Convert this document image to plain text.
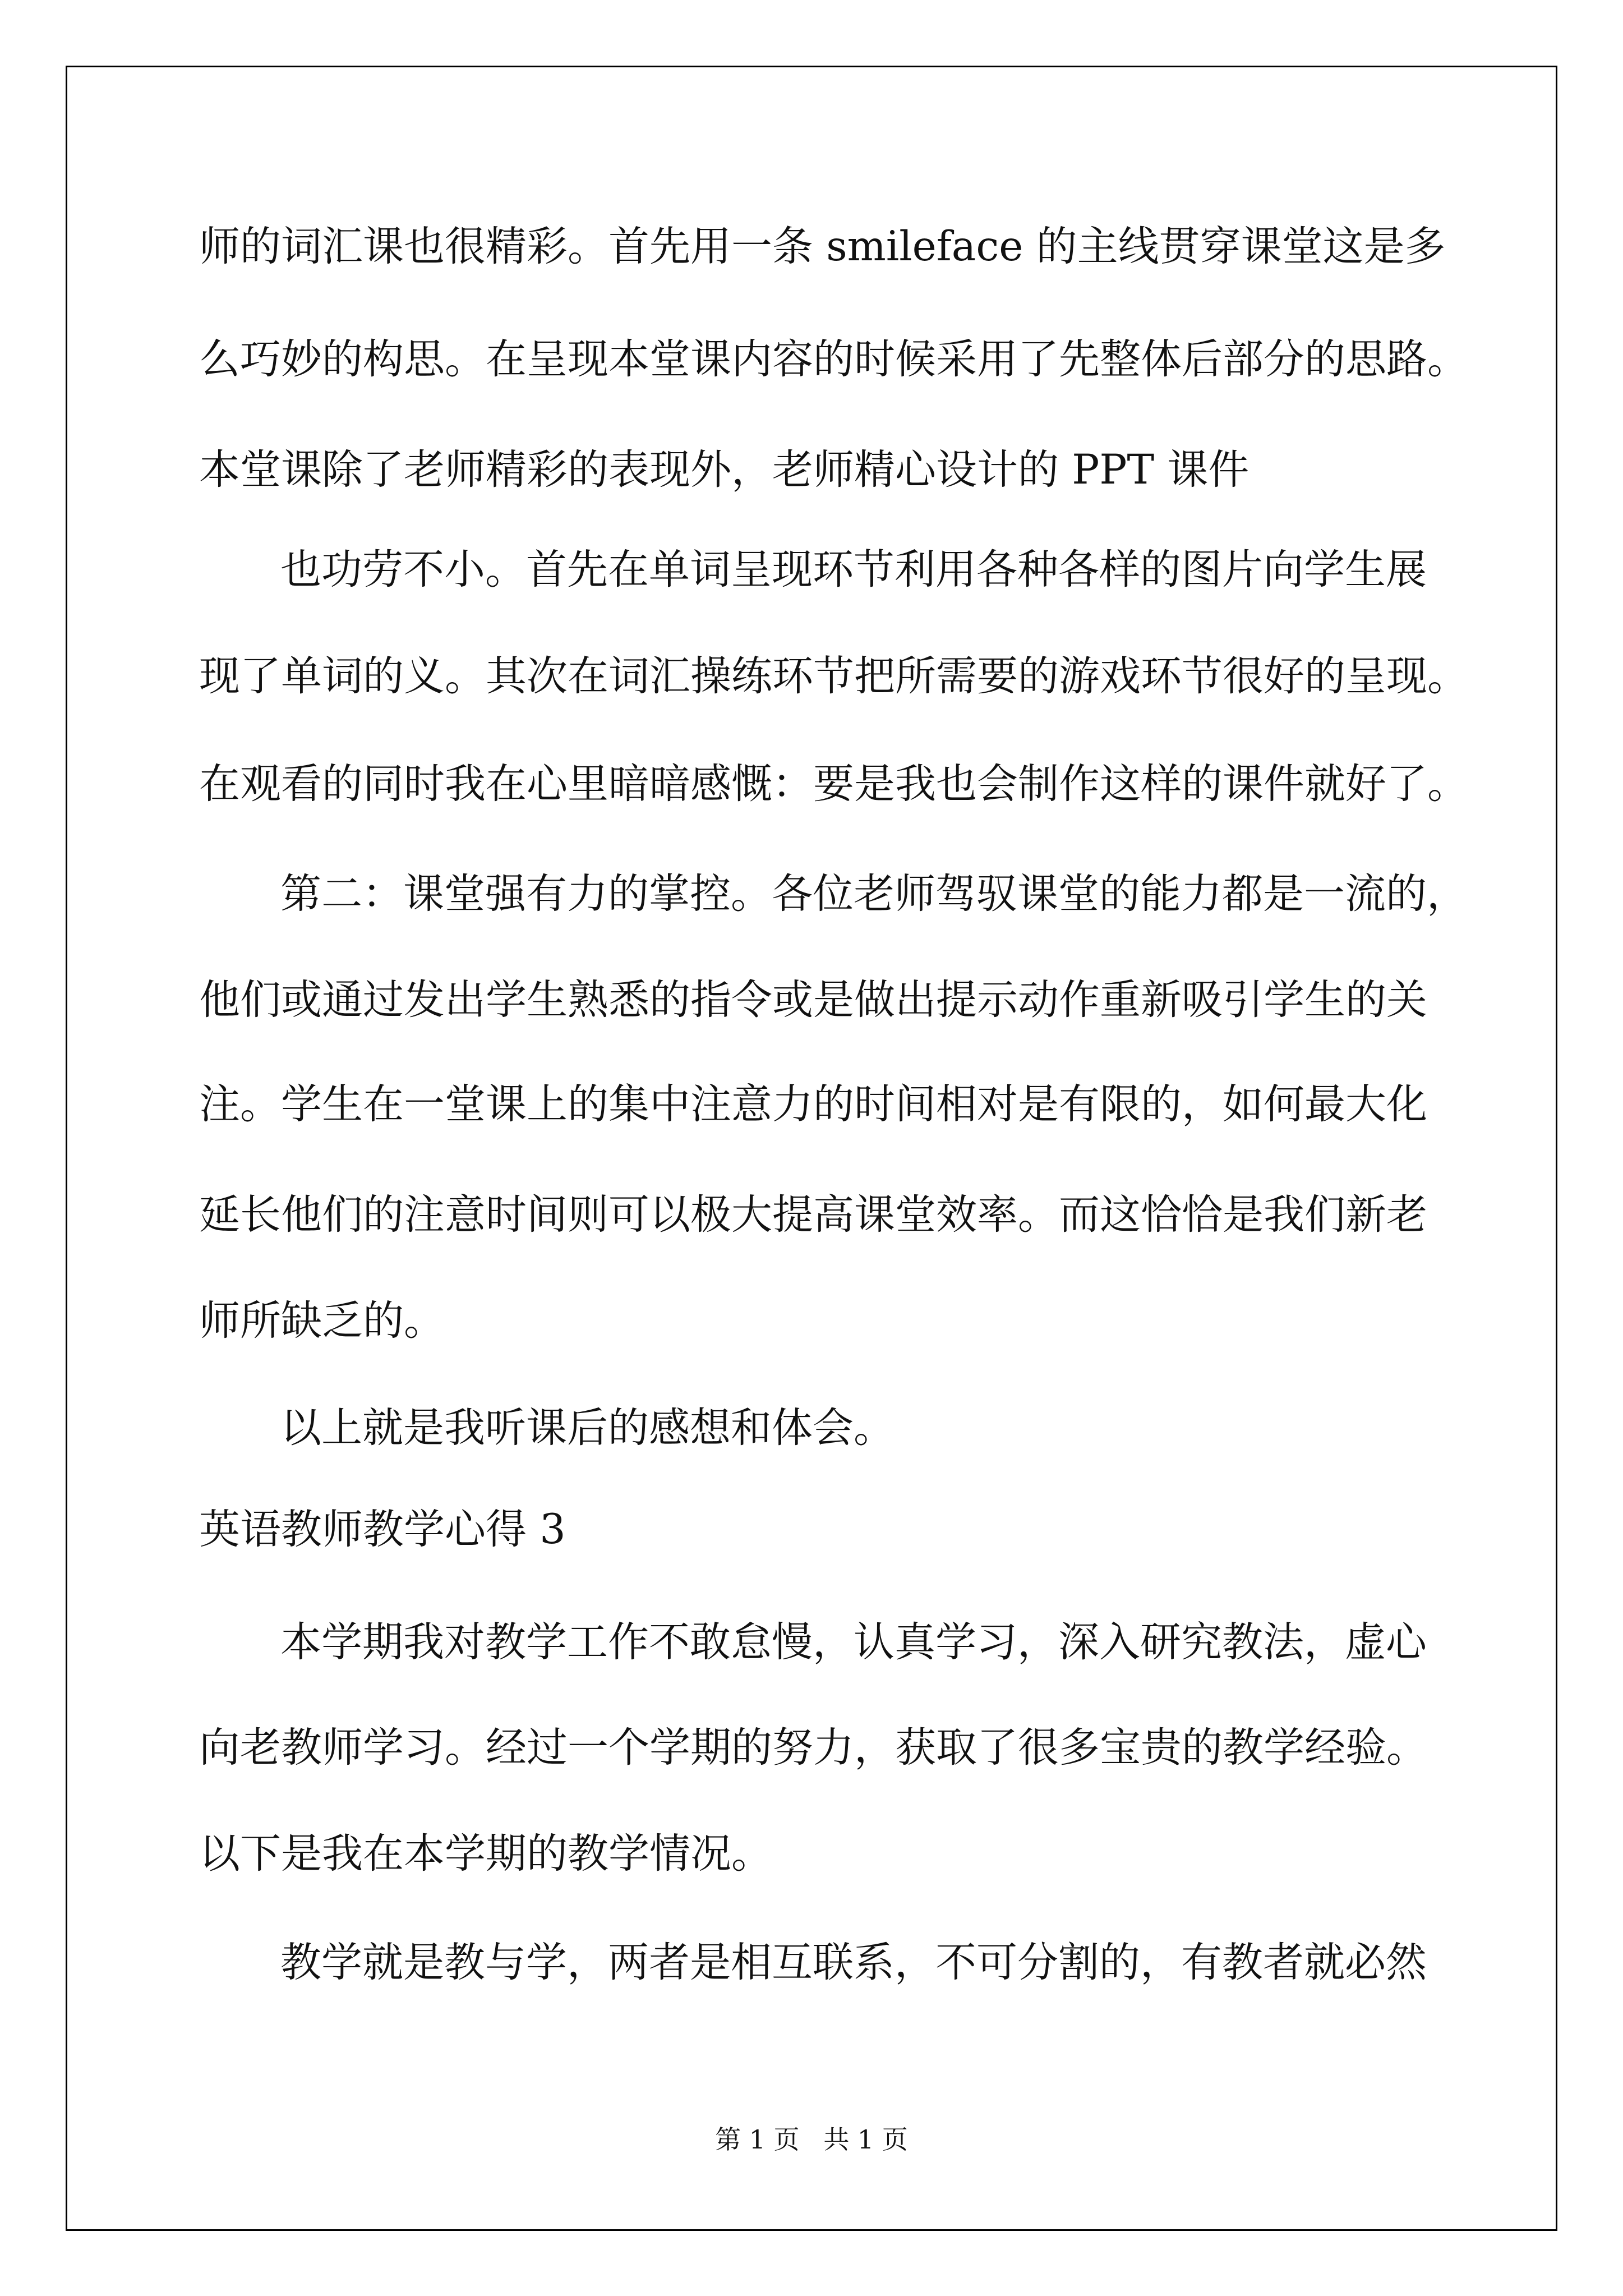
师的词汇课也很精彩。首先用一条 smileface 的主线贯穿课堂这是多
么巧妙的构思。在呈现本堂课内容的时候采用了先整体后部分的思路。
本堂课除了老师精彩的表现外，老师精心设计的 PPT 课件
也功劳不小。首先在单词呈现环节利用各种各样的图片向学生展
现了单词的义。其次在词汇操练环节把所需要的游戏环节很好的呈现。
在观看的同时我在心里暗暗感慨：要是我也会制作这样的课件就好了。
第二：课堂强有力的掌控。各位老师驾驭课堂的能力都是一流的，
他们或通过发出学生熟悉的指令或是做出提示动作重新吸引学生的关
注。学生在一堂课上的集中注意力的时间相对是有限的，如何最大化
延长他们的注意时间则可以极大提高课堂效率。而这恰恰是我们新老
师所缺乏的。
以上就是我听课后的感想和体会。
英语教师教学心得 3
本学期我对教学工作不敢怠慢，认真学习，深入研究教法，虚心
向老教师学习。经过一个学期的努力，获取了很多宝贵的教学经验。
以下是我在本学期的教学情况。
教学就是教与学，两者是相互联系，不可分割的，有教者就必然
第 1 页 共 1 页
